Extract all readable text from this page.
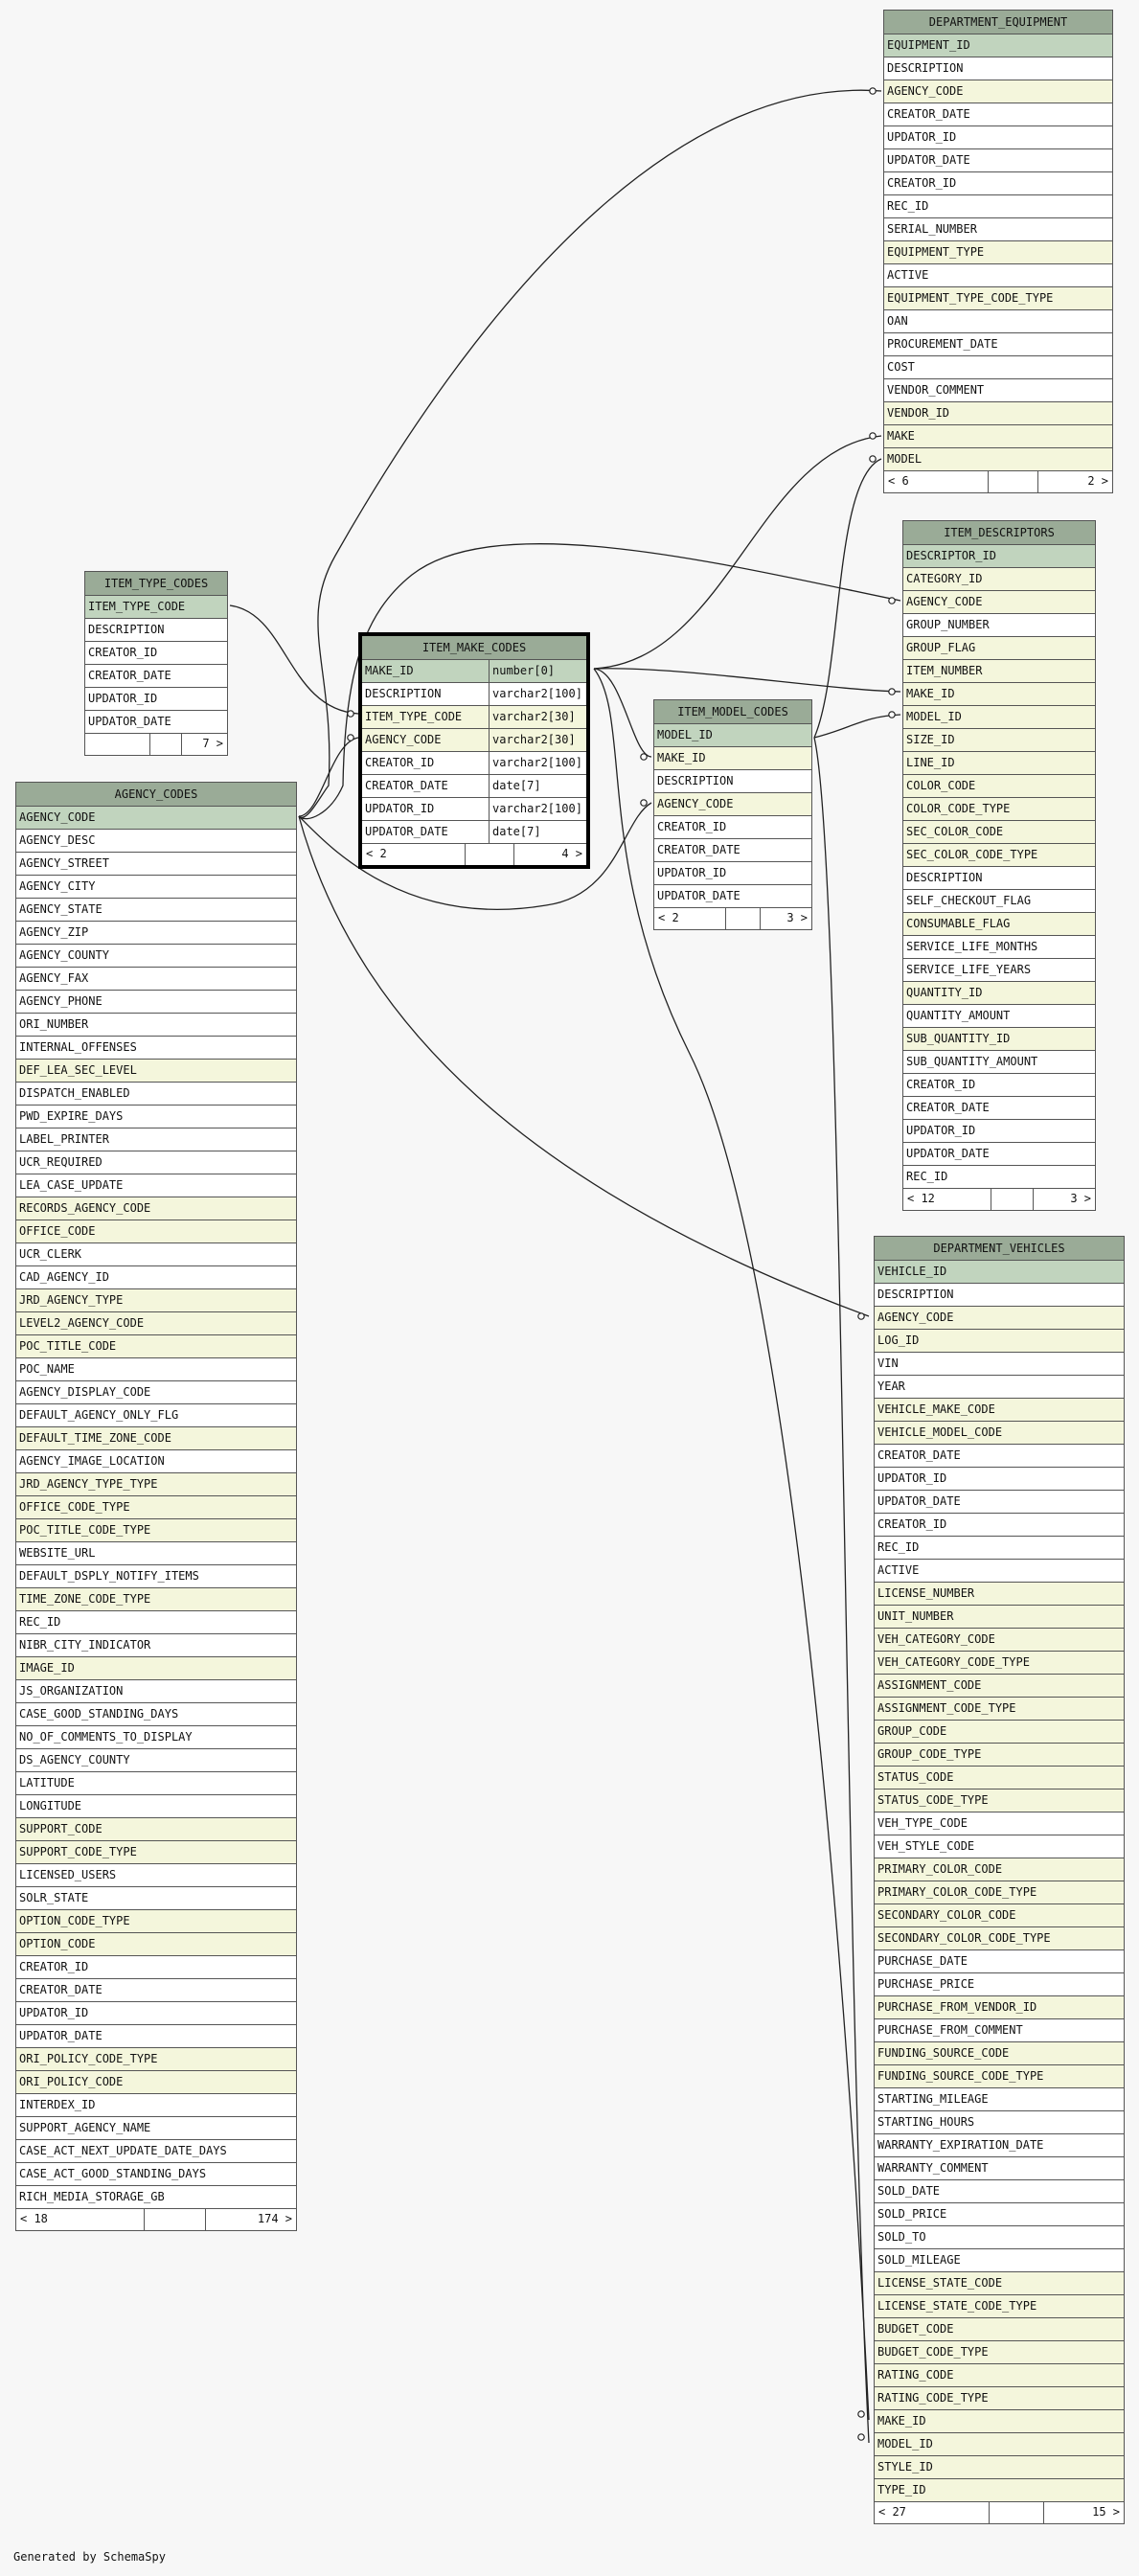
ITEM_TYPE_CODES
ITEM_TYPE_CODE
DESCRIPTION
CREATOR_ID
CREATOR_DATE
UPDATOR_ID
UPDATOR_DATE
7 >
ITEM_MAKE_CODES
MAKE_ID	number[0]
DESCRIPTION	varchar2[100]
ITEM_TYPE_CODE	varchar2[30]
AGENCY_CODE	varchar2[30]
CREATOR_ID	varchar2[100]
CREATOR_DATE	date[7]
UPDATOR_ID	varchar2[100]
UPDATOR_DATE	date[7]
< 2	4 >
ITEM_MODEL_CODES
MODEL_ID
MAKE_ID
DESCRIPTION
AGENCY_CODE
CREATOR_ID
CREATOR_DATE
UPDATOR_ID
UPDATOR_DATE
< 2	3 >
AGENCY_CODES
AGENCY_CODE
AGENCY_DESC
AGENCY_STREET
AGENCY_CITY
AGENCY_STATE
AGENCY_ZIP
AGENCY_COUNTY
AGENCY_FAX
AGENCY_PHONE
ORI_NUMBER
INTERNAL_OFFENSES
DEF_LEA_SEC_LEVEL
DISPATCH_ENABLED
PWD_EXPIRE_DAYS
LABEL_PRINTER
UCR_REQUIRED
LEA_CASE_UPDATE
RECORDS_AGENCY_CODE
OFFICE_CODE
UCR_CLERK
CAD_AGENCY_ID
JRD_AGENCY_TYPE
LEVEL2_AGENCY_CODE
POC_TITLE_CODE
POC_NAME
AGENCY_DISPLAY_CODE
DEFAULT_AGENCY_ONLY_FLG
DEFAULT_TIME_ZONE_CODE
AGENCY_IMAGE_LOCATION
JRD_AGENCY_TYPE_TYPE
OFFICE_CODE_TYPE
POC_TITLE_CODE_TYPE
WEBSITE_URL
DEFAULT_DSPLY_NOTIFY_ITEMS
TIME_ZONE_CODE_TYPE
REC_ID
NIBR_CITY_INDICATOR
IMAGE_ID
JS_ORGANIZATION
CASE_GOOD_STANDING_DAYS
NO_OF_COMMENTS_TO_DISPLAY
DS_AGENCY_COUNTY
LATITUDE
LONGITUDE
SUPPORT_CODE
SUPPORT_CODE_TYPE
LICENSED_USERS
SOLR_STATE
OPTION_CODE_TYPE
OPTION_CODE
CREATOR_ID
CREATOR_DATE
UPDATOR_ID
UPDATOR_DATE
ORI_POLICY_CODE_TYPE
ORI_POLICY_CODE
INTERDEX_ID
SUPPORT_AGENCY_NAME
CASE_ACT_NEXT_UPDATE_DATE_DAYS
CASE_ACT_GOOD_STANDING_DAYS
RICH_MEDIA_STORAGE_GB
< 18	174 >
DEPARTMENT_EQUIPMENT
EQUIPMENT_ID
DESCRIPTION
AGENCY_CODE
CREATOR_DATE
UPDATOR_ID
UPDATOR_DATE
CREATOR_ID
REC_ID
SERIAL_NUMBER
EQUIPMENT_TYPE
ACTIVE
EQUIPMENT_TYPE_CODE_TYPE
OAN
PROCUREMENT_DATE
COST
VENDOR_COMMENT
VENDOR_ID
MAKE
MODEL
< 6	2 >
ITEM_DESCRIPTORS
DESCRIPTOR_ID
CATEGORY_ID
AGENCY_CODE
GROUP_NUMBER
GROUP_FLAG
ITEM_NUMBER
MAKE_ID
MODEL_ID
SIZE_ID
LINE_ID
COLOR_CODE
COLOR_CODE_TYPE
SEC_COLOR_CODE
SEC_COLOR_CODE_TYPE
DESCRIPTION
SELF_CHECKOUT_FLAG
CONSUMABLE_FLAG
SERVICE_LIFE_MONTHS
SERVICE_LIFE_YEARS
QUANTITY_ID
QUANTITY_AMOUNT
SUB_QUANTITY_ID
SUB_QUANTITY_AMOUNT
CREATOR_ID
CREATOR_DATE
UPDATOR_ID
UPDATOR_DATE
REC_ID
< 12	3 >
DEPARTMENT_VEHICLES
VEHICLE_ID
DESCRIPTION
AGENCY_CODE
LOG_ID
VIN
YEAR
VEHICLE_MAKE_CODE
VEHICLE_MODEL_CODE
CREATOR_DATE
UPDATOR_ID
UPDATOR_DATE
CREATOR_ID
REC_ID
ACTIVE
LICENSE_NUMBER
UNIT_NUMBER
VEH_CATEGORY_CODE
VEH_CATEGORY_CODE_TYPE
ASSIGNMENT_CODE
ASSIGNMENT_CODE_TYPE
GROUP_CODE
GROUP_CODE_TYPE
STATUS_CODE
STATUS_CODE_TYPE
VEH_TYPE_CODE
VEH_STYLE_CODE
PRIMARY_COLOR_CODE
PRIMARY_COLOR_CODE_TYPE
SECONDARY_COLOR_CODE
SECONDARY_COLOR_CODE_TYPE
PURCHASE_DATE
PURCHASE_PRICE
PURCHASE_FROM_VENDOR_ID
PURCHASE_FROM_COMMENT
FUNDING_SOURCE_CODE
FUNDING_SOURCE_CODE_TYPE
STARTING_MILEAGE
STARTING_HOURS
WARRANTY_EXPIRATION_DATE
WARRANTY_COMMENT
SOLD_DATE
SOLD_PRICE
SOLD_TO
SOLD_MILEAGE
LICENSE_STATE_CODE
LICENSE_STATE_CODE_TYPE
BUDGET_CODE
BUDGET_CODE_TYPE
RATING_CODE
RATING_CODE_TYPE
MAKE_ID
MODEL_ID
STYLE_ID
TYPE_ID
< 27	15 >
Generated by SchemaSpy
